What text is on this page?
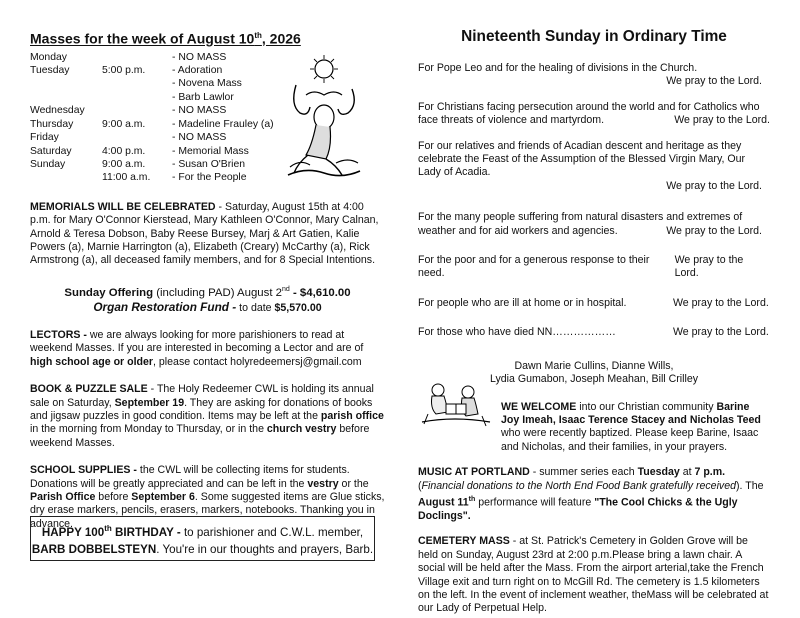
Masses for the week of August 10th, 2026
Monday		- NO MASS
Tuesday	5:00 p.m.	- Adoration
		- Novena Mass
		- Barb Lawlor
Wednesday		- NO MASS
Thursday	9:00 a.m.	- Madeline Frauley (a)
Friday		- NO MASS
Saturday	4:00 p.m.	- Memorial Mass
Sunday	9:00 a.m.	- Susan O'Brien
	11:00 a.m.	- For the People

MEMORIALS WILL BE CELEBRATED - Saturday, August 15th at 4:00 p.m. for Mary O'Connor Kierstead, Mary Kathleen O'Connor, Mary Calnan, Arnold & Teresa Dobson, Baby Reese Bursey, Marj & Art Gatien, Kalie Powers (a), Marnie Harrington (a), Elizabeth (Creary) McCarthy (a), Rick Armstrong (a), all deceased family members, and for 8 Special Intentions.

Sunday Offering (including PAD) August 2nd - $4,610.00
Organ Restoration Fund - to date $5,570.00

LECTORS - we are always looking for more parishioners to read at weekend Masses. If you are interested in becoming a Lector and are of high school age or older, please contact holyredeemersj@gmail.com

BOOK & PUZZLE SALE - The Holy Redeemer CWL is holding its annual sale on Saturday, September 19. They are asking for donations of books and jigsaw puzzles in good condition. Items may be left at the parish office in the morning from Monday to Thursday, or in the church vestry before weekend Masses.

SCHOOL SUPPLIES - the CWL will be collecting items for students. Donations will be greatly appreciated and can be left in the vestry or the Parish Office before September 6. Some suggested items are Glue sticks, dry erase markers, pencils, erasers, markers, notebooks. Thanking you in advance.

HAPPY 100th BIRTHDAY - to parishioner and C.W.L. member,
BARB DOBBELSTEYN. You're in our thoughts and prayers, Barb.
Nineteenth Sunday in Ordinary Time

For Pope Leo and for the healing of divisions in the Church.

We pray to the Lord.

For Christians facing persecution around the world and for Catholics who face threats of violence and martyrdom.	We pray to the Lord.

For our relatives and friends of Acadian descent and heritage as they celebrate the Feast of the Assumption of the Blessed Virgin Mary, Our Lady of Acadia.

We pray to the Lord.

For the many people suffering from natural disasters and extremes of weather and for aid workers and agencies.	We pray to the Lord.
For the poor and for a generous response to their need.
We pray to the Lord.
For people who are ill at home or in hospital.	We pray to the Lord.
For those who have died NN………………	We pray to the Lord.
Dawn Marie Cullins, Dianne Wills,
Lydia Gumabon, Joseph Meahan, Bill Crilley

WE WELCOME into our Christian community Barine Joy Imeah, Isaac Terence Stacey and Nicholas Teed who were recently baptized. Please keep Barine, Isaac and Nicholas, and their families, in your prayers.

MUSIC AT PORTLAND - summer series each Tuesday at 7 p.m. (Financial donations to the North End Food Bank gratefully received). The August 11th performance will feature "The Cool Chicks & the Ugly Doclings".

CEMETERY MASS - at St. Patrick's Cemetery in Golden Grove will be held on Sunday, August 23rd at 2:00 p.m.Please bring a lawn chair. A social will be held after the Mass. From the airport arterial,take the French Village exit and turn right on to McGill Rd. The cemetery is 1.5 kilometers on the left. In the event of inclement weather, theMass will be celebrated at our Lady of Perpetual Help.
